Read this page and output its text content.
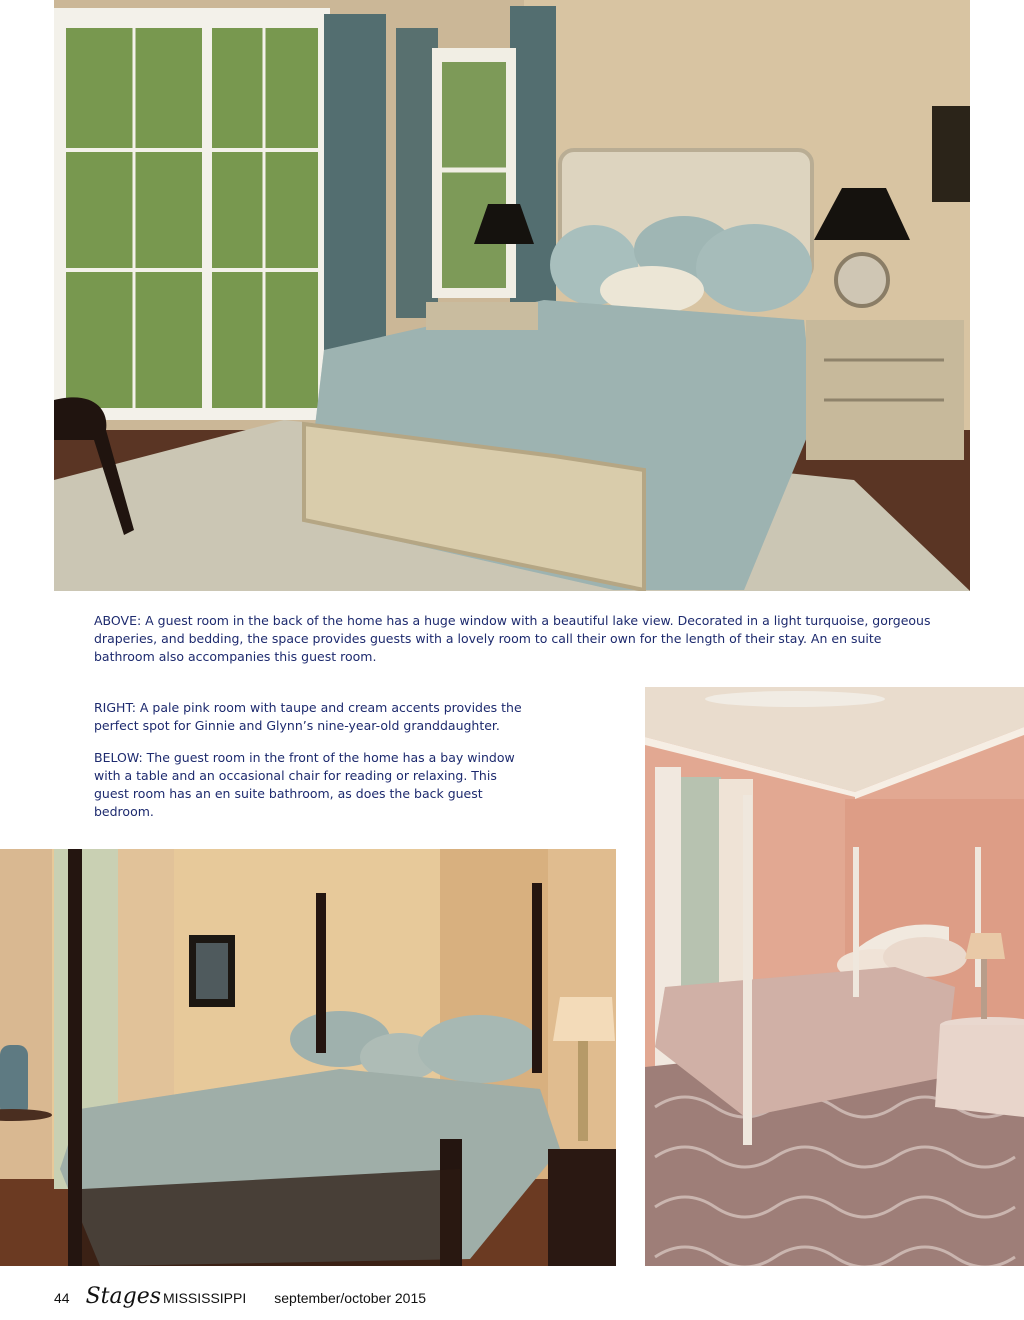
ABOVE: A guest room in the back of the home has a huge window with a beautiful lake view. Decorated in a light turquoise, gorgeous draperies, and bedding, the space provides guests with a lovely room to call their own for the length of their stay. An en suite bathroom also accompanies this guest room.

RIGHT: A pale pink room with taupe and cream accents provides the perfect spot for Ginnie and Glynn’s nine-year-old granddaughter.

BELOW: The guest room in the front of the home has a bay window with a table and an occasional chair for reading or relaxing. This guest room has an en suite bathroom, as does the back guest bedroom.

44 Stages MISSISSIPPI september/october 2015
